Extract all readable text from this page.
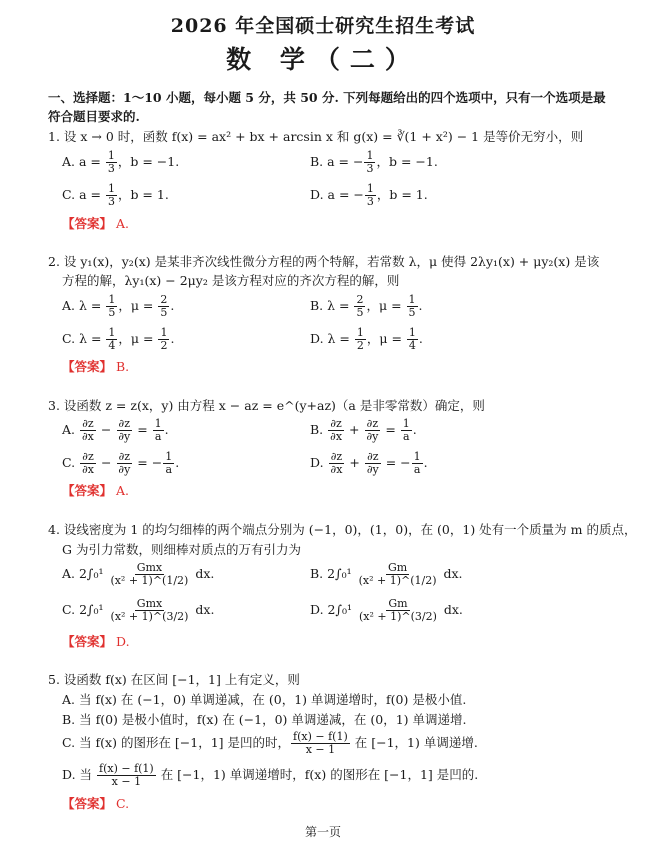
2026 年全国硕士研究生招生考试
数 学（二）
一、选择题：1～10 小题，每小题 5 分，共 50 分. 下列每题给出的四个选项中，只有一个选项是最符合题目要求的.
1. 设 x → 0 时，函数 f(x) = ax² + bx + arcsin x 和 g(x) = ∛(1 + x²) − 1 是等价无穷小，则
A. $a = \frac{1}{3}$ ，b = −1.	B. a = − $\frac{1}{3}$ ，b = −1.
C. $a = \frac{1}{3}$ ，b = 1.	D. a = − $\frac{1}{3}$ ，b = 1.
【答案】 A.
2. 设 y₁(x)，y₂(x) 是某非齐次线性微分方程的两个特解，若常数 λ，μ 使得 2λy₁(x) + μy₂(x) 是该
方程的解，λy₁(x) − 2μy₂ 是该方程对应的齐次方程的解，则
A. $\lambda = \frac{1}{5}$ ，$\mu = \frac{2}{5}$ .	B. $\lambda = \frac{2}{5}$ ，$\mu = \frac{1}{5}$ .
C. $\lambda = \frac{1}{4}$ ，$\mu = \frac{1}{2}$ .	D. $\lambda = \frac{1}{2}$ ，$\mu = \frac{1}{4}$ .
【答案】 B.
3. 设函数 z = z(x，y) 由方程 x − az = e^(y+az)（a 是非零常数）确定，则
A. $\frac{\partial z}{\partial x} - \frac{\partial z}{\partial y} = \frac{1}{a}$ .	B. $\frac{\partial z}{\partial x} + \frac{\partial z}{\partial y} = \frac{1}{a}$ .
C. $\frac{\partial z}{\partial x} - \frac{\partial z}{\partial y}$ = − $\frac{1}{a}$ .	D. $\frac{\partial z}{\partial x} + \frac{\partial z}{\partial y}$ = − $\frac{1}{a}$ .
【答案】 A.
4. 设线密度为 1 的均匀细棒的两个端点分别为 (−1，0)，(1，0)，在 (0，1) 处有一个质量为 m 的质点，
G 为引力常数，则细棒对质点的万有引力为
A. $2\int_0^1 \frac{\text{Gmx}}{\text{(x² + 1)\textasciicircum{}(1/2)}}$ dx.	B. $2\int_0^1 \frac{Gm}{\text{(x² + 1)\textasciicircum{}(1/2)}}$ dx.
C. $2\int_0^1 \frac{\text{Gmx}}{\text{(x² + 1)\textasciicircum{}(3/2)}}$ dx.	D. $2\int_0^1 \frac{Gm}{\text{(x² + 1)\textasciicircum{}(3/2)}}$ dx.
【答案】 D.
5. 设函数 f(x) 在区间 [−1，1] 上有定义，则
A. 当 f(x) 在 (−1，0) 单调递减，在 (0，1) 单调递增时，f(0) 是极小值.
B. 当 f(0) 是极小值时，f(x) 在 (−1，0) 单调递减，在 (0，1) 单调递增.
C. 当 f(x) 的图形在 [−1，1] 是凹的时， $\frac{f(x) - f(1)}{x - 1}$ 在 [−1，1) 单调递增.
D. 当 $\frac{f(x) - f(1)}{x - 1}$ 在 [−1，1) 单调递增时，f(x) 的图形在 [−1，1] 是凹的.
【答案】 C.
第一页
